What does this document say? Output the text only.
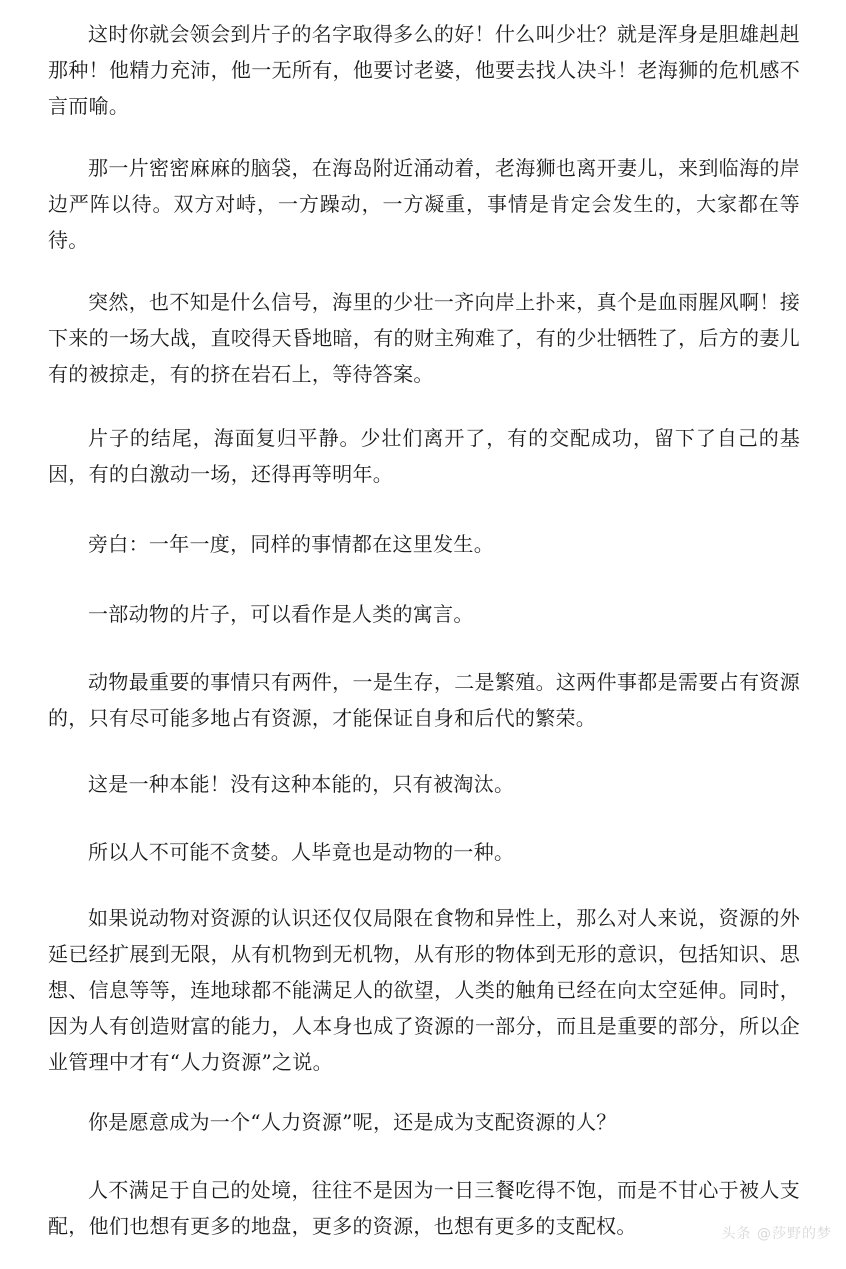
这时你就会领会到片子的名字取得多么的好！什么叫少壮？就是浑身是胆雄赳赳那种！他精力充沛，他一无所有，他要讨老婆，他要去找人决斗！老海狮的危机感不言而喻。

那一片密密麻麻的脑袋，在海岛附近涌动着，老海狮也离开妻儿，来到临海的岸边严阵以待。双方对峙，一方躁动，一方凝重，事情是肯定会发生的，大家都在等待。

突然，也不知是什么信号，海里的少壮一齐向岸上扑来，真个是血雨腥风啊！接下来的一场大战，直咬得天昏地暗，有的财主殉难了，有的少壮牺牲了，后方的妻儿有的被掠走，有的挤在岩石上，等待答案。

片子的结尾，海面复归平静。少壮们离开了，有的交配成功，留下了自己的基因，有的白激动一场，还得再等明年。

旁白：一年一度，同样的事情都在这里发生。

一部动物的片子，可以看作是人类的寓言。

动物最重要的事情只有两件，一是生存，二是繁殖。这两件事都是需要占有资源的，只有尽可能多地占有资源，才能保证自身和后代的繁荣。

这是一种本能！没有这种本能的，只有被淘汰。

所以人不可能不贪婪。人毕竟也是动物的一种。

如果说动物对资源的认识还仅仅局限在食物和异性上，那么对人来说，资源的外延已经扩展到无限，从有机物到无机物，从有形的物体到无形的意识，包括知识、思想、信息等等，连地球都不能满足人的欲望，人类的触角已经在向太空延伸。同时，因为人有创造财富的能力，人本身也成了资源的一部分，而且是重要的部分，所以企业管理中才有“人力资源”之说。

你是愿意成为一个“人力资源”呢，还是成为支配资源的人？

人不满足于自己的处境，往往不是因为一日三餐吃得不饱，而是不甘心于被人支配，他们也想有更多的地盘，更多的资源，也想有更多的支配权。	头条 @莎野的梦
